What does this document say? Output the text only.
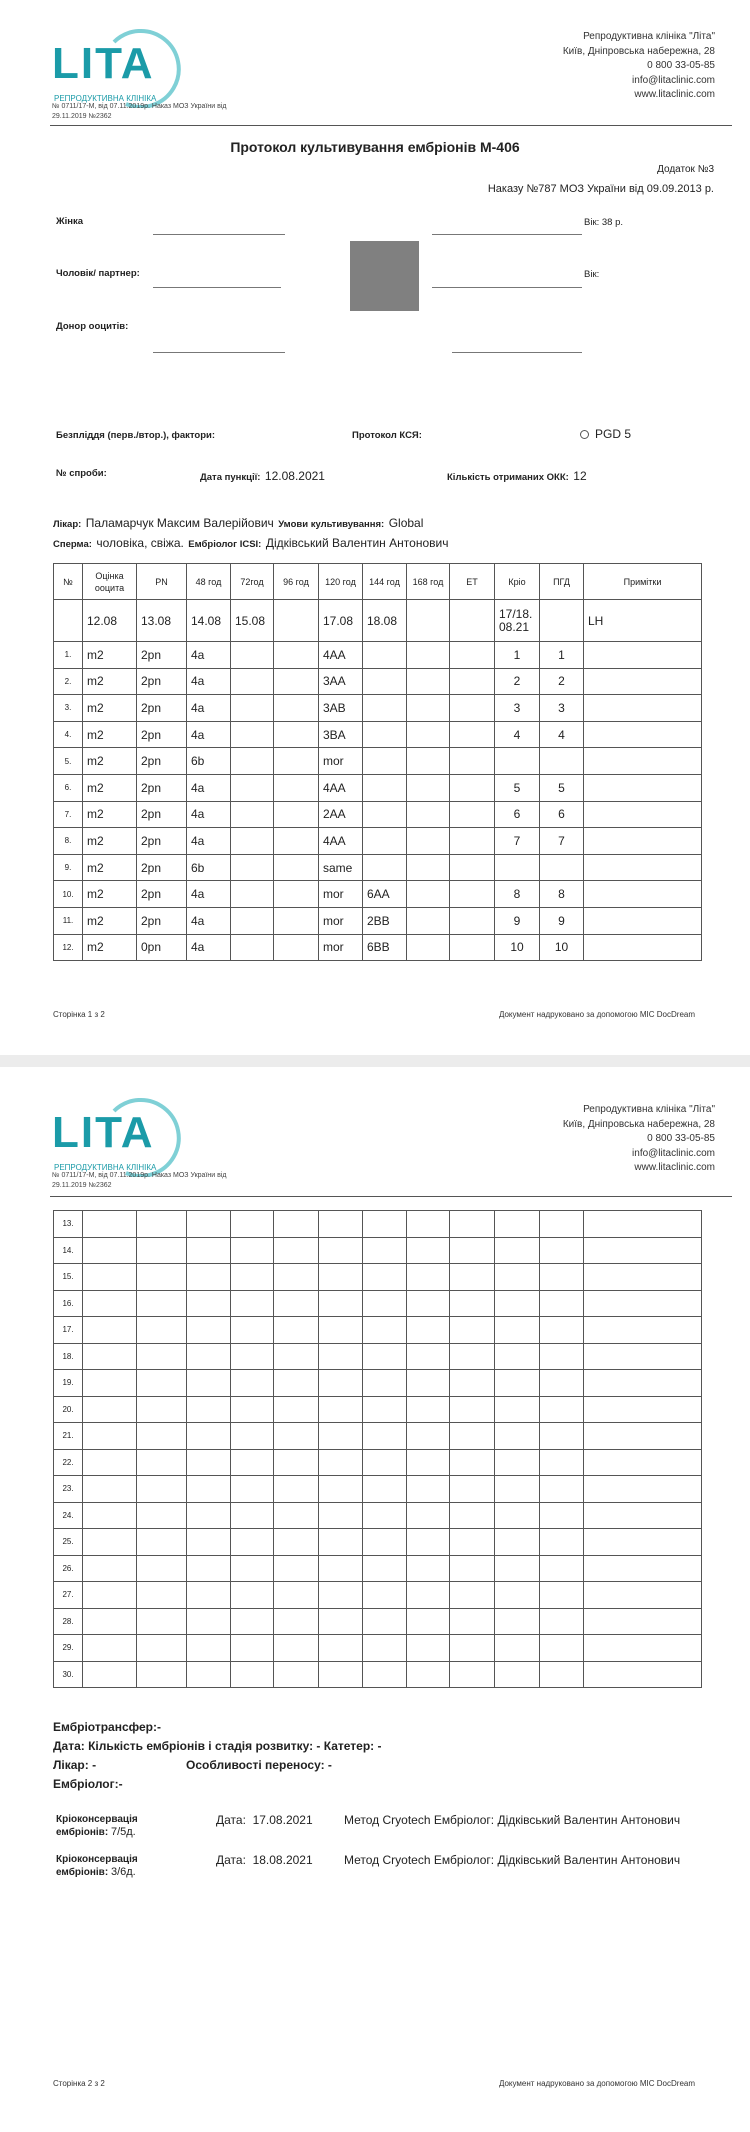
LITA
РЕПРОДУКТИВНА КЛІНІКА
№ 0711/17-М, від 07.11.2019р. Наказ МОЗ України від 29.11.2019 №2362
Репродуктивна клініка "Літа"
Київ, Дніпровська набережна, 28
0 800 33-05-85
info@litaclinic.com
www.litaclinic.com
Протокол культивування ембріонів М-406
Додаток №3
Наказу №787 МОЗ України від 09.09.2013 р.
Жінка	Вік: 38 р.
Чоловік/ партнер:	Вік:
Донор ооцитів:
Безпліддя (перв./втор.), фактори:	Протокол КСЯ:	PGD 5
№ спроби:	Дата пункції: 12.08.2021	Кількість отриманих ОКК: 12
Лікар: Паламарчук Максим Валерійович Умови культивування: Global
Сперма: чоловіка, свіжа. Ембріолог ICSI: Дідківський Валентин Антонович
№	Оцінка ооцита	PN	48 год	72год	96 год	120 год	144 год	168 год	ET	Кріо	ПГД	Примітки
	12.08	13.08	14.08	15.08		17.08	18.08			17/18. 08.21		LH
1.	m2	2pn	4a			4AA				1	1	
2.	m2	2pn	4a			3AA				2	2	
3.	m2	2pn	4a			3AB				3	3	
4.	m2	2pn	4a			3BA				4	4	
5.	m2	2pn	6b			mor						
6.	m2	2pn	4a			4AA				5	5	
7.	m2	2pn	4a			2AA				6	6	
8.	m2	2pn	4a			4AA				7	7	
9.	m2	2pn	6b			same						
10.	m2	2pn	4a			mor	6AA			8	8	
11.	m2	2pn	4a			mor	2BB			9	9	
12.	m2	0pn	4a			mor	6BB			10	10	
Сторінка 1 з 2	Документ надруковано за допомогою MIC DocDream
LITA
РЕПРОДУКТИВНА КЛІНІКА
№ 0711/17-М, від 07.11.2019р. Наказ МОЗ України від 29.11.2019 №2362
Репродуктивна клініка "Літа"
Київ, Дніпровська набережна, 28
0 800 33-05-85
info@litaclinic.com
www.litaclinic.com
13.												
14.												
15.												
16.												
17.												
18.												
19.												
20.												
21.												
22.												
23.												
24.												
25.												
26.												
27.												
28.												
29.												
30.												
Ембріотрансфер:-
Дата: Кількість ембріонів і стадія розвитку: - Катетер: -
Лікар: -	Особливості переносу: -
Ембріолог:-
Кріоконсервація
ембріонів: 7/5д.
Дата: 17.08.2021	Метод Cryotech Ембріолог: Дідківський Валентин Антонович
Кріоконсервація
ембріонів: 3/6д.
Дата: 18.08.2021	Метод Cryotech Ембріолог: Дідківський Валентин Антонович
Сторінка 2 з 2	Документ надруковано за допомогою MIC DocDream
